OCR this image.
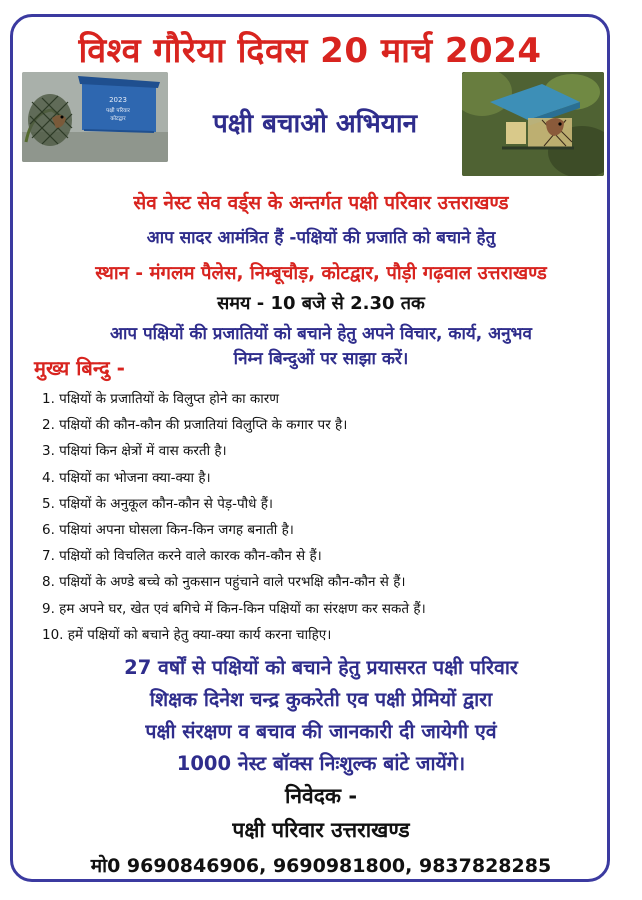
विश्व गौरेया दिवस 20 मार्च 2024
2023
पक्षी परिवार
कोटद्वार	पक्षी बचाओ अभियान
सेव नेस्ट सेव वर्ड्स के अन्तर्गत पक्षी परिवार उत्तराखण्ड
आप सादर आमंत्रित हैं -पक्षियों की प्रजाति को बचाने हेतु
स्थान - मंगलम पैलेस, निम्बूचौड़, कोटद्वार, पौड़ी गढ़वाल उत्तराखण्ड
समय - 10 बजे से 2.30 तक
आप पक्षियों की प्रजातियों को बचाने हेतु अपने विचार, कार्य, अनुभव
निम्न बिन्दुओं पर साझा करें।
मुख्य बिन्दु -
1. पक्षियों के प्रजातियों के विलुप्त होने का कारण
2. पक्षियों की कौन-कौन की प्रजातियां विलुप्ति के कगार पर है।
3. पक्षियां किन क्षेत्रों में वास करती है।
4. पक्षियों का भोजना क्या-क्या है।
5. पक्षियों के अनुकूल कौन-कौन से पेड़-पौधे हैं।
6. पक्षियां अपना घोसला किन-किन जगह बनाती है।
7. पक्षियों को विचलित करने वाले कारक कौन-कौन से हैं।
8. पक्षियों के अण्डे बच्चे को नुकसान पहुंचाने वाले परभक्षि कौन-कौन से हैं।
9. हम अपने घर, खेत एवं बगिचे में किन-किन पक्षियों का संरक्षण कर सकते हैं।
10. हमें पक्षियों को बचाने हेतु क्या-क्या कार्य करना चाहिए।
27 वर्षों से पक्षियों को बचाने हेतु प्रयासरत पक्षी परिवार
शिक्षक दिनेश चन्द्र कुकरेती एव पक्षी प्रेमियों द्वारा
पक्षी संरक्षण व बचाव की जानकारी दी जायेगी एवं
1000 नेस्ट बॉक्स निःशुल्क बांटे जायेंगे।
निवेदक -
पक्षी परिवार उत्तराखण्ड
मो0 9690846906, 9690981800, 9837828285
